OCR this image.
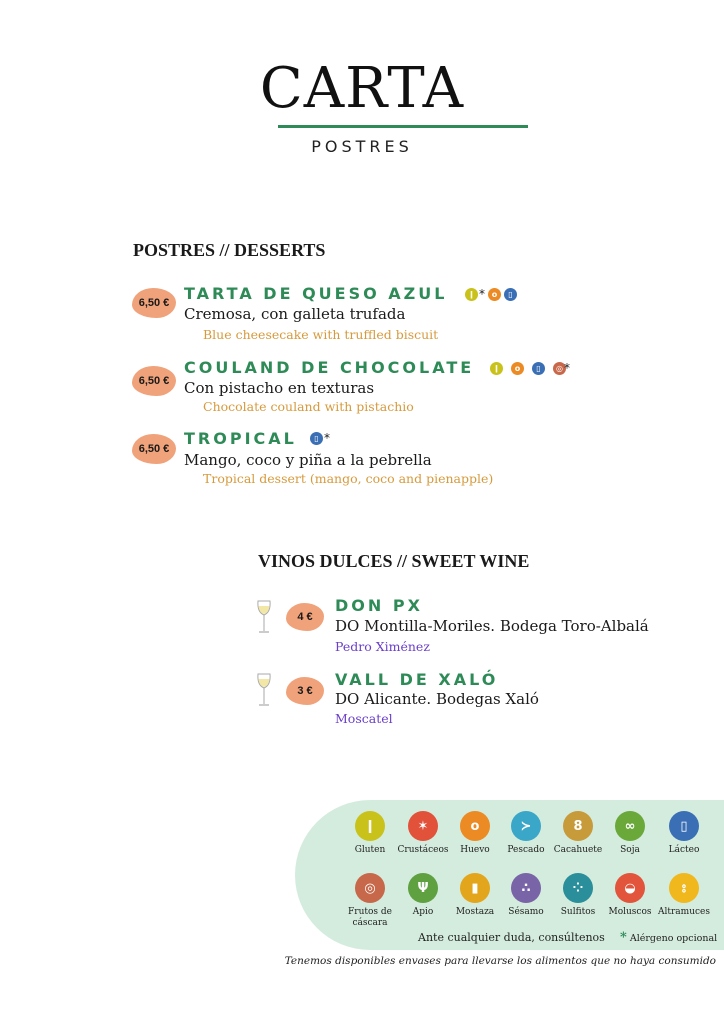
CARTA
POSTRES
POSTRES // DESSERTS
6,50 € TARTA DE QUESO AZUL	ǀ * o	▯
Cremosa, con galleta trufada
Blue cheesecake with truffled biscuit
6,50 €
COULAND DE CHOCOLATE	ǀ	o	▯	◎ *
Con pistacho en texturas
Chocolate couland with pistachio
6,50 €
TROPICAL	▯ *
Mango, coco y piña a la pebrella
Tropical dessert (mango, coco and pienapple)
VINOS DULCES // SWEET WINE
4 €
DON PX
DO Montilla-Moriles. Bodega Toro-Albalá
Pedro Ximénez
3 €
VALL DE XALÓ
DO Alicante. Bodegas Xaló
Moscatel
ǀ
Gluten
✶
Crustáceos
o
Huevo
≻
Pescado
8
Cacahuete
∞
Soja
▯
Lácteo
◎
Frutos de cáscara
Ψ
Apio
▮
Mostaza
∴
Sésamo
⁘
Sulfitos
◒
Moluscos
⦂
Altramuces
Ante cualquier duda, consúltenos * Alérgeno opcional
Tenemos disponibles envases para llevarse los alimentos que no haya consumido
